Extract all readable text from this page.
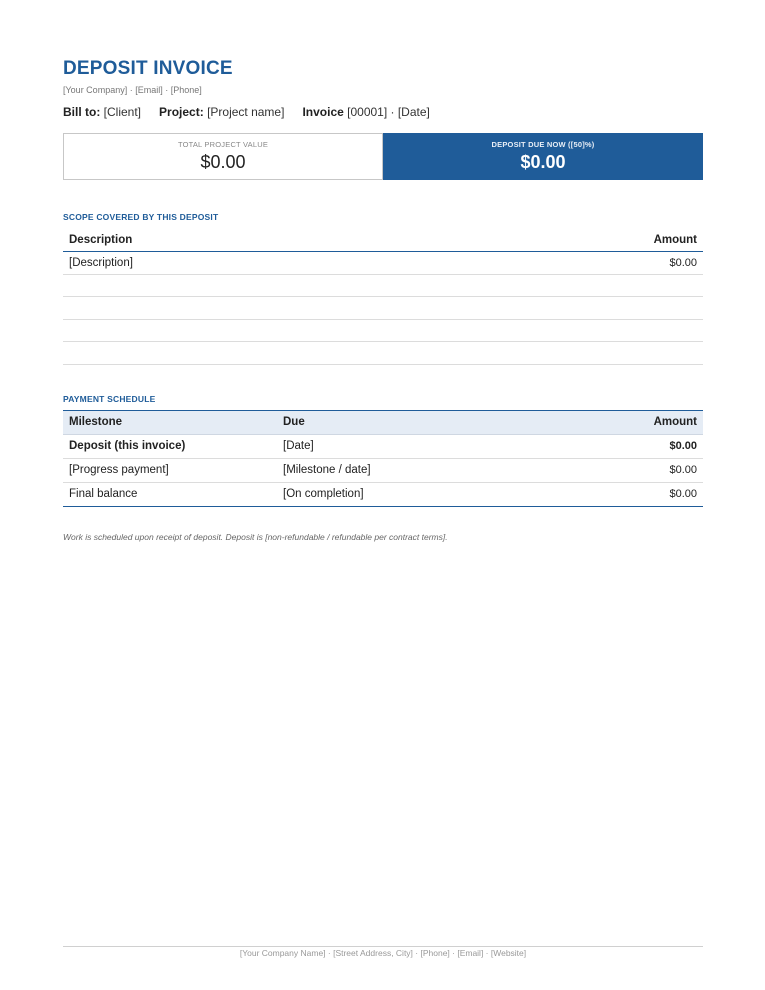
DEPOSIT INVOICE
[Your Company] · [Email] · [Phone]
Bill to: [Client] Project: [Project name] Invoice [00001] · [Date]
TOTAL PROJECT VALUE
$0.00
DEPOSIT DUE NOW ([50]%)
$0.00
SCOPE COVERED BY THIS DEPOSIT
Description	Amount
[Description]	$0.00

PAYMENT SCHEDULE
Milestone	Due	Amount
Deposit (this invoice)	[Date]	$0.00
[Progress payment]	[Milestone / date]	$0.00
Final balance	[On completion]	$0.00
Work is scheduled upon receipt of deposit. Deposit is [non-refundable / refundable per contract terms].
[Your Company Name] · [Street Address, City] · [Phone] · [Email] · [Website]
